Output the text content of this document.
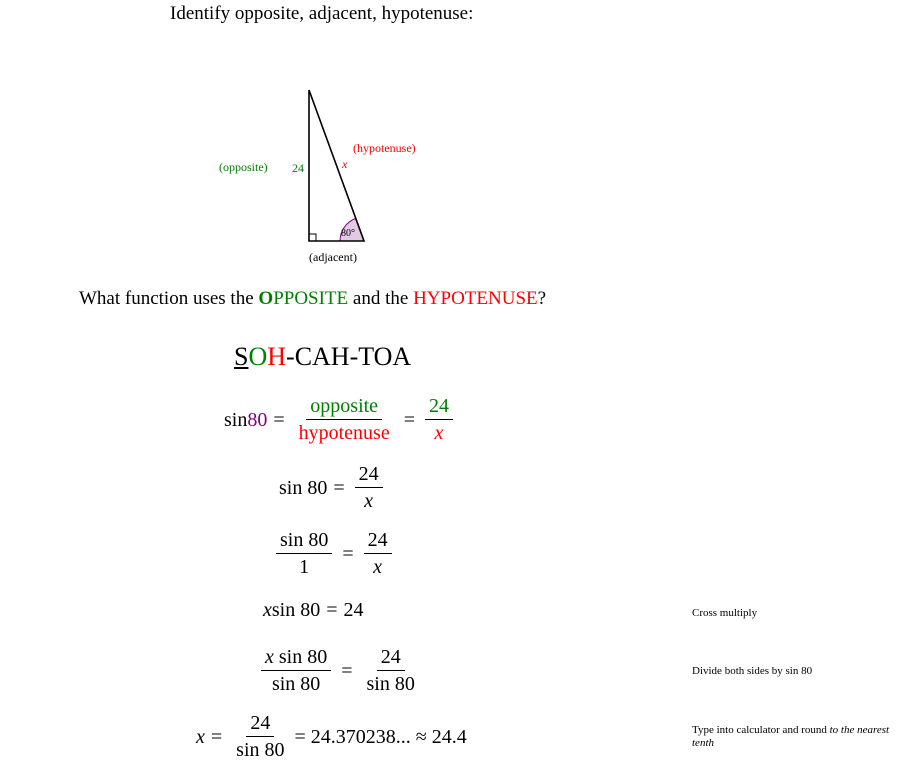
Identify opposite, adjacent, hypotenuse:
(opposite) 24
(hypotenuse)
x
80°
(adjacent)
What function uses the OPPOSITE and the HYPOTENUSE?
SOH-CAH-TOA
$\sin 80 = \frac{\text{opposite}}{\text{hypotenuse}} = \frac{24}{x}$
$\sin 80 = \frac{24}{x}$
$\frac{\sin 80}{1} = \frac{24}{x}$
x sin 80 = 24	Cross multiply
$\frac{\text{x sin 80}}{\sin 80} = \frac{24}{\sin 80}$	Divide both sides by sin 80
$x = \frac{24}{\sin 80} = 24.370238$... ≈ 24.4	Type into calculator and round to the nearest tenth
